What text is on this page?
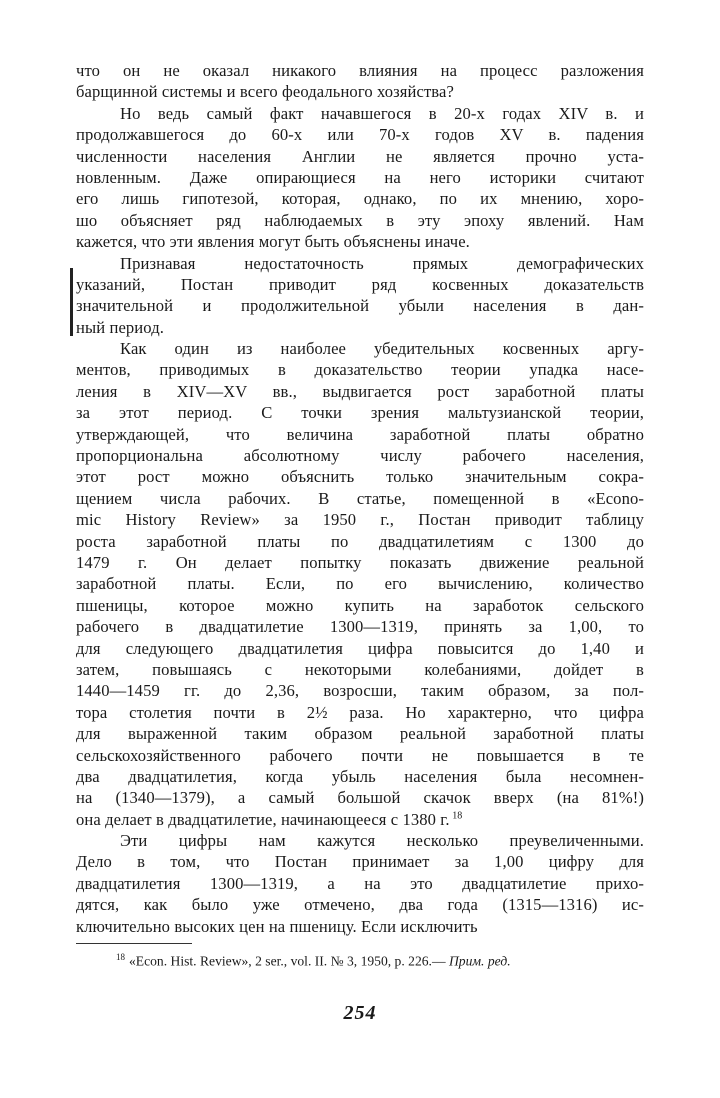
что он не оказал никакого влияния на процесс разложения
барщинной системы и всего феодального хозяйства?
Но ведь самый факт начавшегося в 20-х годах XIV в. и
продолжавшегося до 60-х или 70-х годов XV в. падения
численности населения Англии не является прочно уста-
новленным. Даже опирающиеся на него историки считают
его лишь гипотезой, которая, однако, по их мнению, хоро-
шо объясняет ряд наблюдаемых в эту эпоху явлений. Нам
кажется, что эти явления могут быть объяснены иначе.
Признавая недостаточность прямых демографических
указаний, Постан приводит ряд косвенных доказательств
значительной и продолжительной убыли населения в дан-
ный период.
Как один из наиболее убедительных косвенных аргу-
ментов, приводимых в доказательство теории упадка насе-
ления в XIV—XV вв., выдвигается рост заработной платы
за этот период. С точки зрения мальтузианской теории,
утверждающей, что величина заработной платы обратно
пропорциональна абсолютному числу рабочего населения,
этот рост можно объяснить только значительным сокра-
щением числа рабочих. В статье, помещенной в «Econo-
mic History Review» за 1950 г., Постан приводит таблицу
роста заработной платы по двадцатилетиям с 1300 до
1479 г. Он делает попытку показать движение реальной
заработной платы. Если, по его вычислению, количество
пшеницы, которое можно купить на заработок сельского
рабочего в двадцатилетие 1300—1319, принять за 1,00, то
для следующего двадцатилетия цифра повысится до 1,40 и
затем, повышаясь с некоторыми колебаниями, дойдет в
1440—1459 гг. до 2,36, возросши, таким образом, за пол-
тора столетия почти в 2½ раза. Но характерно, что цифра
для выраженной таким образом реальной заработной платы
сельскохозяйственного рабочего почти не повышается в те
два двадцатилетия, когда убыль населения была несомнен-
на (1340—1379), а самый большой скачок вверх (на 81%!)
она делает в двадцатилетие, начинающееся с 1380 г. $^{18}$
Эти цифры нам кажутся несколько преувеличенными.
Дело в том, что Постан принимает за 1,00 цифру для
двадцатилетия 1300—1319, а на это двадцатилетие прихо-
дятся, как было уже отмечено, два года (1315—1316) ис-
ключительно высоких цен на пшеницу. Если исключить
$^{18}$ «Econ. Hist. Review», 2 ser., vol. II. № 3, 1950, p. 226.— Прим. ред.
254
